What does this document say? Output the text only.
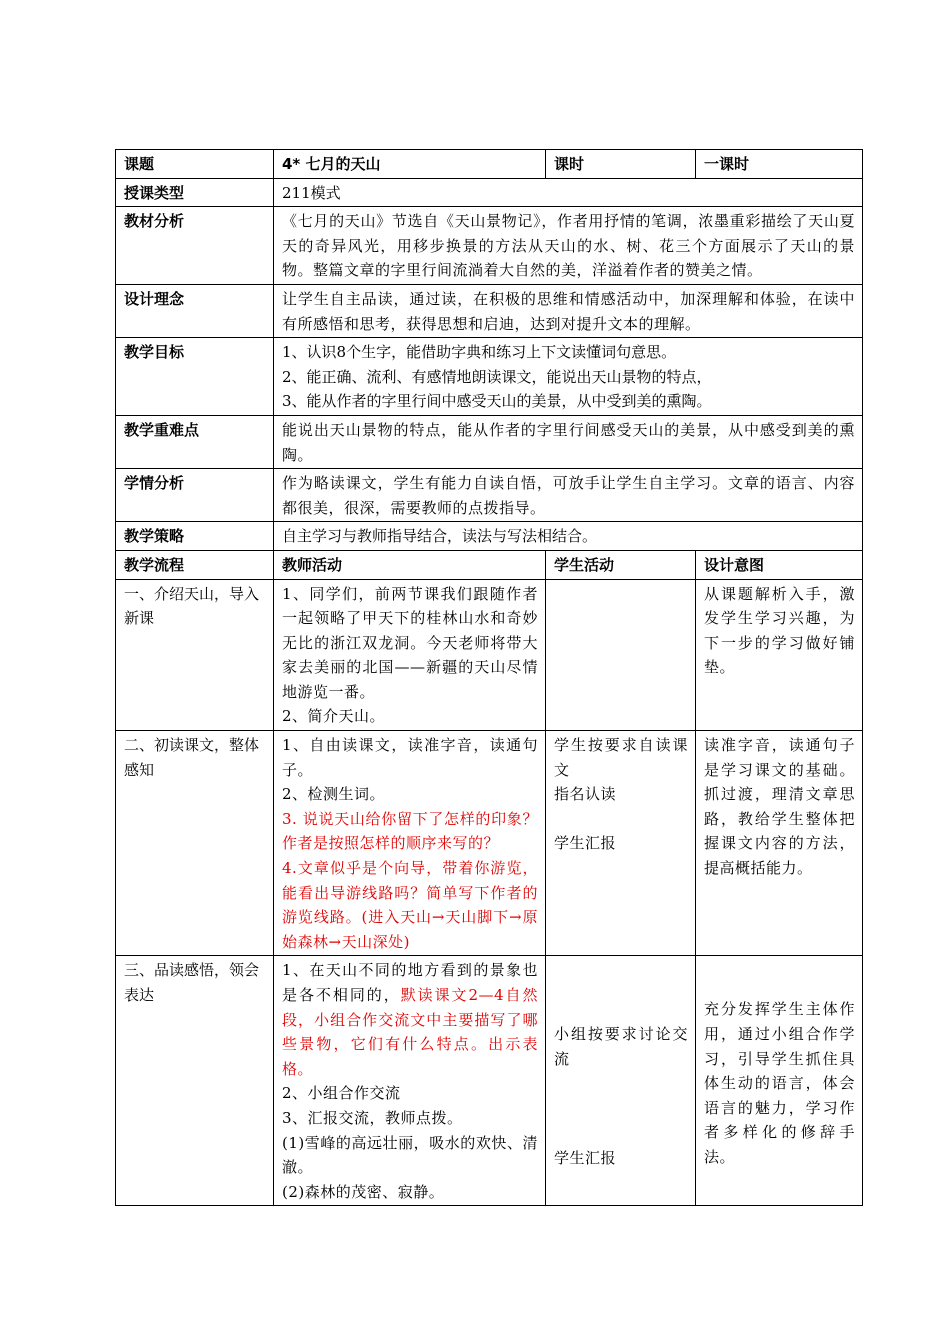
课题	4* 七月的天山	课时	一课时
授课类型	211模式		
教材分析	《七月的天山》节选自《天山景物记》，作者用抒情的笔调，浓墨重彩描绘了天山夏天的奇异风光，用移步换景的方法从天山的水、树、花三个方面展示了天山的景物。整篇文章的字里行间流淌着大自然的美，洋溢着作者的赞美之情。		
设计理念	让学生自主品读，通过读，在积极的思维和情感活动中，加深理解和体验，在读中有所感悟和思考，获得思想和启迪，达到对提升文本的理解。		
教学目标	1、认识8个生字，能借助字典和练习上下文读懂词句意思。
2、能正确、流利、有感情地朗读课文，能说出天山景物的特点，
3、能从作者的字里行间中感受天山的美景，从中受到美的熏陶。		

教学重难点	能说出天山景物的特点，能从作者的字里行间感受天山的美景，从中感受到美的熏陶。		
学情分析	作为略读课文，学生有能力自读自悟，可放手让学生自主学习。文章的语言、内容都很美，很深，需要教师的点拨指导。		
教学策略	自主学习与教师指导结合，读法与写法相结合。		
教学流程	教师活动	学生活动	设计意图
一、介绍天山，导入新课	1、同学们，前两节课我们跟随作者一起领略了甲天下的桂林山水和奇妙无比的浙江双龙洞。今天老师将带大家去美丽的北国——新疆的天山尽情地游览一番。
2、简介天山。		从课题解析入手，激发学生学习兴趣，为下一步的学习做好铺垫。
二、初读课文，整体感知	1、自由读课文，读准字音，读通句子。
2、检测生词。
3. 说说天山给你留下了怎样的印象？作者是按照怎样的顺序来写的？
4.文章似乎是个向导，带着你游览，能看出导游线路吗？简单写下作者的游览线路。(进入天山→天山脚下→原始森林→天山深处)	学生按要求自读课文
指名认读
学生汇报	读准字音，读通句子是学习课文的基础。抓过渡，理清文章思路，教给学生整体把握课文内容的方法，提高概括能力。
三、品读感悟，领会表达	1、在天山不同的地方看到的景象也是各不相同的，默读课文2—4自然段，小组合作交流文中主要描写了哪些景物，它们有什么特点。出示表格。
2、小组合作交流
3、汇报交流，教师点拨。
(1)雪峰的高远壮丽，吸水的欢快、清澈。
(2)森林的茂密、寂静。	小组按要求讨论交流
学生汇报	充分发挥学生主体作用，通过小组合作学习，引导学生抓住具体生动的语言，体会语言的魅力，学习作者多样化的修辞手法。
